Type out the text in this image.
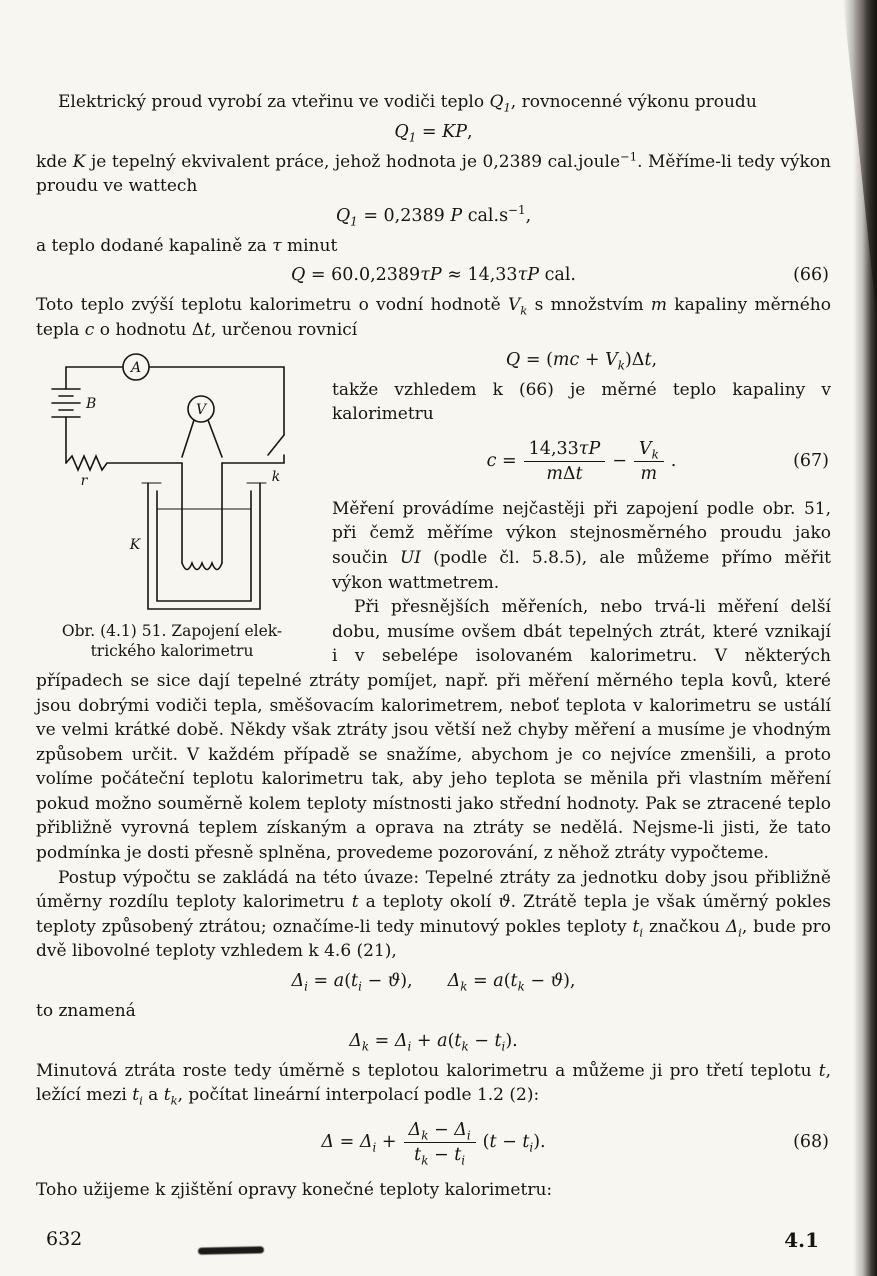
Elektrický proud vyrobí za vteřinu ve vodiči teplo $Q_1$, rovnocenné výkonu proudu

$Q_1$ = KP,

kde K je tepelný ekvivalent práce, jehož hodnota je 0,2389 cal.joule$^{-1}$. Měříme-li tedy výkon proudu ve wattech

$Q_1 = 0,2389$ P $cal.s^{-1}$,

a teplo dodané kapalině za τ minut

Q = 60.0,2389τP ≈ 14,33τP cal.	(66)

Toto teplo zvýší teplotu kalorimetru o vodní hodnotě $V_k$ s množstvím m kapaliny měrného tepla c o hodnotu Δt, určenou rovnicí

A
B	V
r	k
K
Obr. (4.1) 51. Zapojení elek-
trického kalorimetru
$Q = (mc + V_k)\Delta t$,

takže vzhledem k (66) je měrné teplo kapaliny v kalorimetru

$c = \frac{14,33\tau P}{\text{mΔt}} - \frac{V_k}{m}$ .	(67)

Měření provádíme nejčastěji při zapojení podle obr. 51, při čemž měříme výkon stejnosměrného proudu jako součin UI (podle čl. 5.8.5), ale můžeme přímo měřit výkon wattmetrem.

Při přesnějších měřeních, nebo trvá-li měření delší dobu, musíme ovšem dbát tepelných ztrát, které vznikají i v sebelépe isolovaném kalorimetru. V některých případech se sice dají tepelné ztráty pomíjet, např. při měření měrného tepla kovů, které jsou dobrými vodiči tepla, směšovacím kalorimetrem, neboť teplota v kalorimetru se ustálí ve velmi krátké době. Někdy však ztráty jsou větší než chyby měření a musíme je vhodným způsobem určit. V každém případě se snažíme, abychom je co nejvíce zmenšili, a proto volíme počáteční teplotu kalorimetru tak, aby jeho teplota se měnila při vlastním měření pokud možno souměrně kolem teploty místnosti jako střední hodnoty. Pak se ztracené teplo přibližně vyrovná teplem získaným a oprava na ztráty se nedělá. Nejsme-li jisti, že tato podmínka je dosti přesně splněna, provedeme pozorování, z něhož ztráty vypočteme.

Postup výpočtu se zakládá na této úvaze: Tepelné ztráty za jednotku doby jsou přibližně úměrny rozdílu teploty kalorimetru t a teploty okolí ϑ. Ztrátě tepla je však úměrný pokles teploty způsobený ztrátou; označíme-li tedy minutový pokles teploty $t_i$ značkou $\Delta_i$, bude pro dvě libovolné teploty vzhledem k 4.6 (21),

$\Delta_i = a(t_i - ϑ)$,  $\Delta_k = a(t_k - ϑ)$,

to znamená

$\Delta_k = \Delta_i + a(t_k - t_i)$.

Minutová ztráta roste tedy úměrně s teplotou kalorimetru a můžeme ji pro třetí teplotu t, ležící mezi $t_i$ a $t_k$, počítat lineární interpolací podle 1.2 (2):

$\Delta = \Delta_i + \frac{\Delta_k - \Delta_i}{t_k - t_i} (t - t_i)$.	(68)

Toho užijeme k zjištění opravy konečné teploty kalorimetru:

632	4.1
